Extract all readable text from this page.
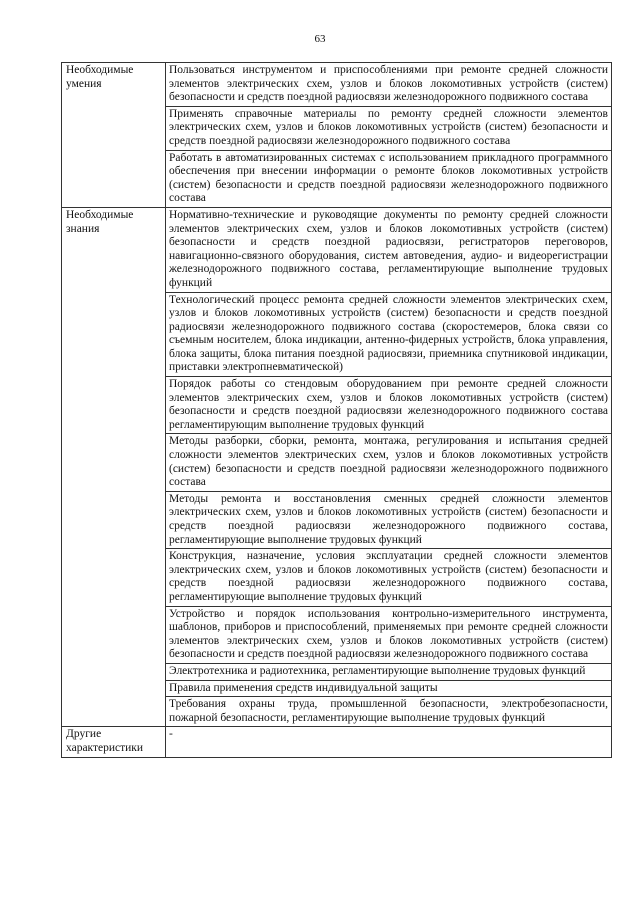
63
Необходимые умения	Пользоваться инструментом и приспособлениями при ремонте средней сложности элементов электрических схем, узлов и блоков локомотивных устройств (систем) безопасности и средств поездной радиосвязи железнодорожного подвижного состава
	Применять справочные материалы по ремонту средней сложности элементов электрических схем, узлов и блоков локомотивных устройств (систем) безопасности и средств поездной радиосвязи железнодорожного подвижного состава
	Работать в автоматизированных системах с использованием прикладного программного обеспечения при внесении информации о ремонте блоков локомотивных устройств (систем) безопасности и средств поездной радиосвязи железнодорожного подвижного состава
Необходимые знания	Нормативно-технические и руководящие документы по ремонту средней сложности элементов электрических схем, узлов и блоков локомотивных устройств (систем) безопасности и средств поездной радиосвязи, регистраторов переговоров, навигационно-связного оборудования, систем автоведения, аудио- и видеорегистрации железнодорожного подвижного состава, регламентирующие выполнение трудовых функций
	Технологический процесс ремонта средней сложности элементов электрических схем, узлов и блоков локомотивных устройств (систем) безопасности и средств поездной радиосвязи железнодорожного подвижного состава (скоростемеров, блока связи со съемным носителем, блока индикации, антенно-фидерных устройств, блока управления, блока защиты, блока питания поездной радиосвязи, приемника спутниковой индикации, приставки электропневматической)
	Порядок работы со стендовым оборудованием при ремонте средней сложности элементов электрических схем, узлов и блоков локомотивных устройств (систем) безопасности и средств поездной радиосвязи железнодорожного подвижного состава регламентирующим выполнение трудовых функций
	Методы разборки, сборки, ремонта, монтажа, регулирования и испытания средней сложности элементов электрических схем, узлов и блоков локомотивных устройств (систем) безопасности и средств поездной радиосвязи железнодорожного подвижного состава
	Методы ремонта и восстановления сменных средней сложности элементов электрических схем, узлов и блоков локомотивных устройств (систем) безопасности и средств поездной радиосвязи железнодорожного подвижного состава, регламентирующие выполнение трудовых функций
	Конструкция, назначение, условия эксплуатации средней сложности элементов электрических схем, узлов и блоков локомотивных устройств (систем) безопасности и средств поездной радиосвязи железнодорожного подвижного состава, регламентирующие выполнение трудовых функций
	Устройство и порядок использования контрольно-измерительного инструмента, шаблонов, приборов и приспособлений, применяемых при ремонте средней сложности элементов электрических схем, узлов и блоков локомотивных устройств (систем) безопасности и средств поездной радиосвязи железнодорожного подвижного состава
	Электротехника и радиотехника, регламентирующие выполнение трудовых функций
	Правила применения средств индивидуальной защиты
	Требования охраны труда, промышленной безопасности, электробезопасности, пожарной безопасности, регламентирующие выполнение трудовых функций
Другие характеристики	-
